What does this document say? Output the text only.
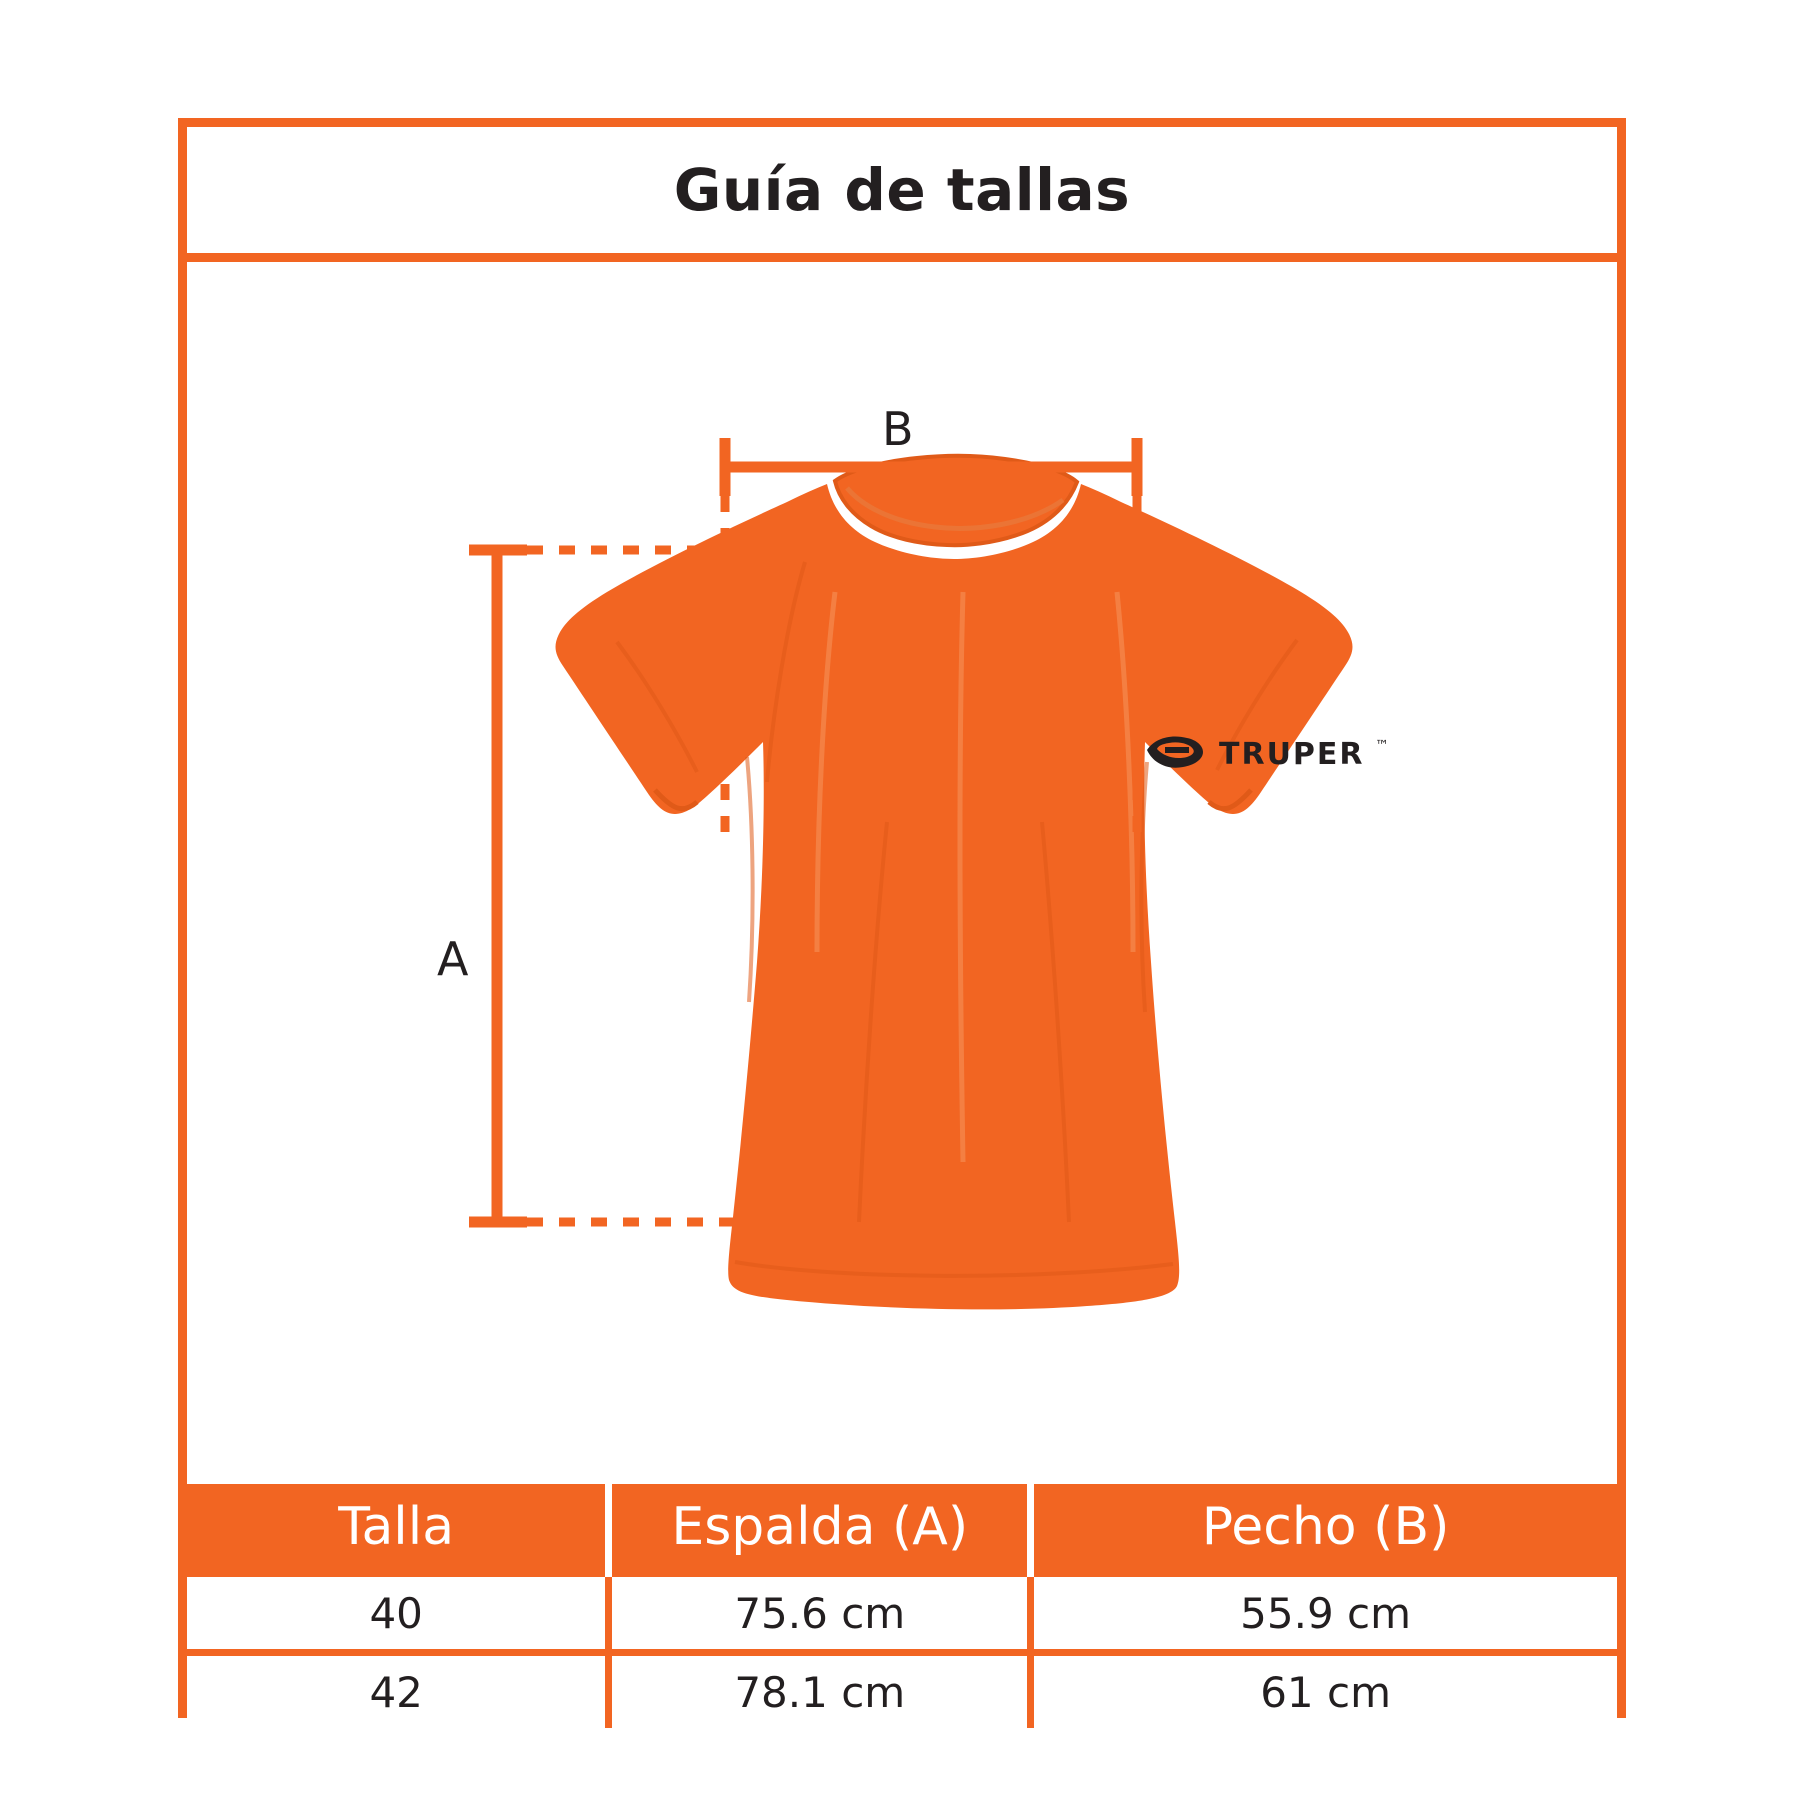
Guía de tallas
TRUPER ™
B
A
Talla	Espalda (A)	Pecho (B)
40	75.6 cm	55.9 cm
42	78.1 cm	61 cm
